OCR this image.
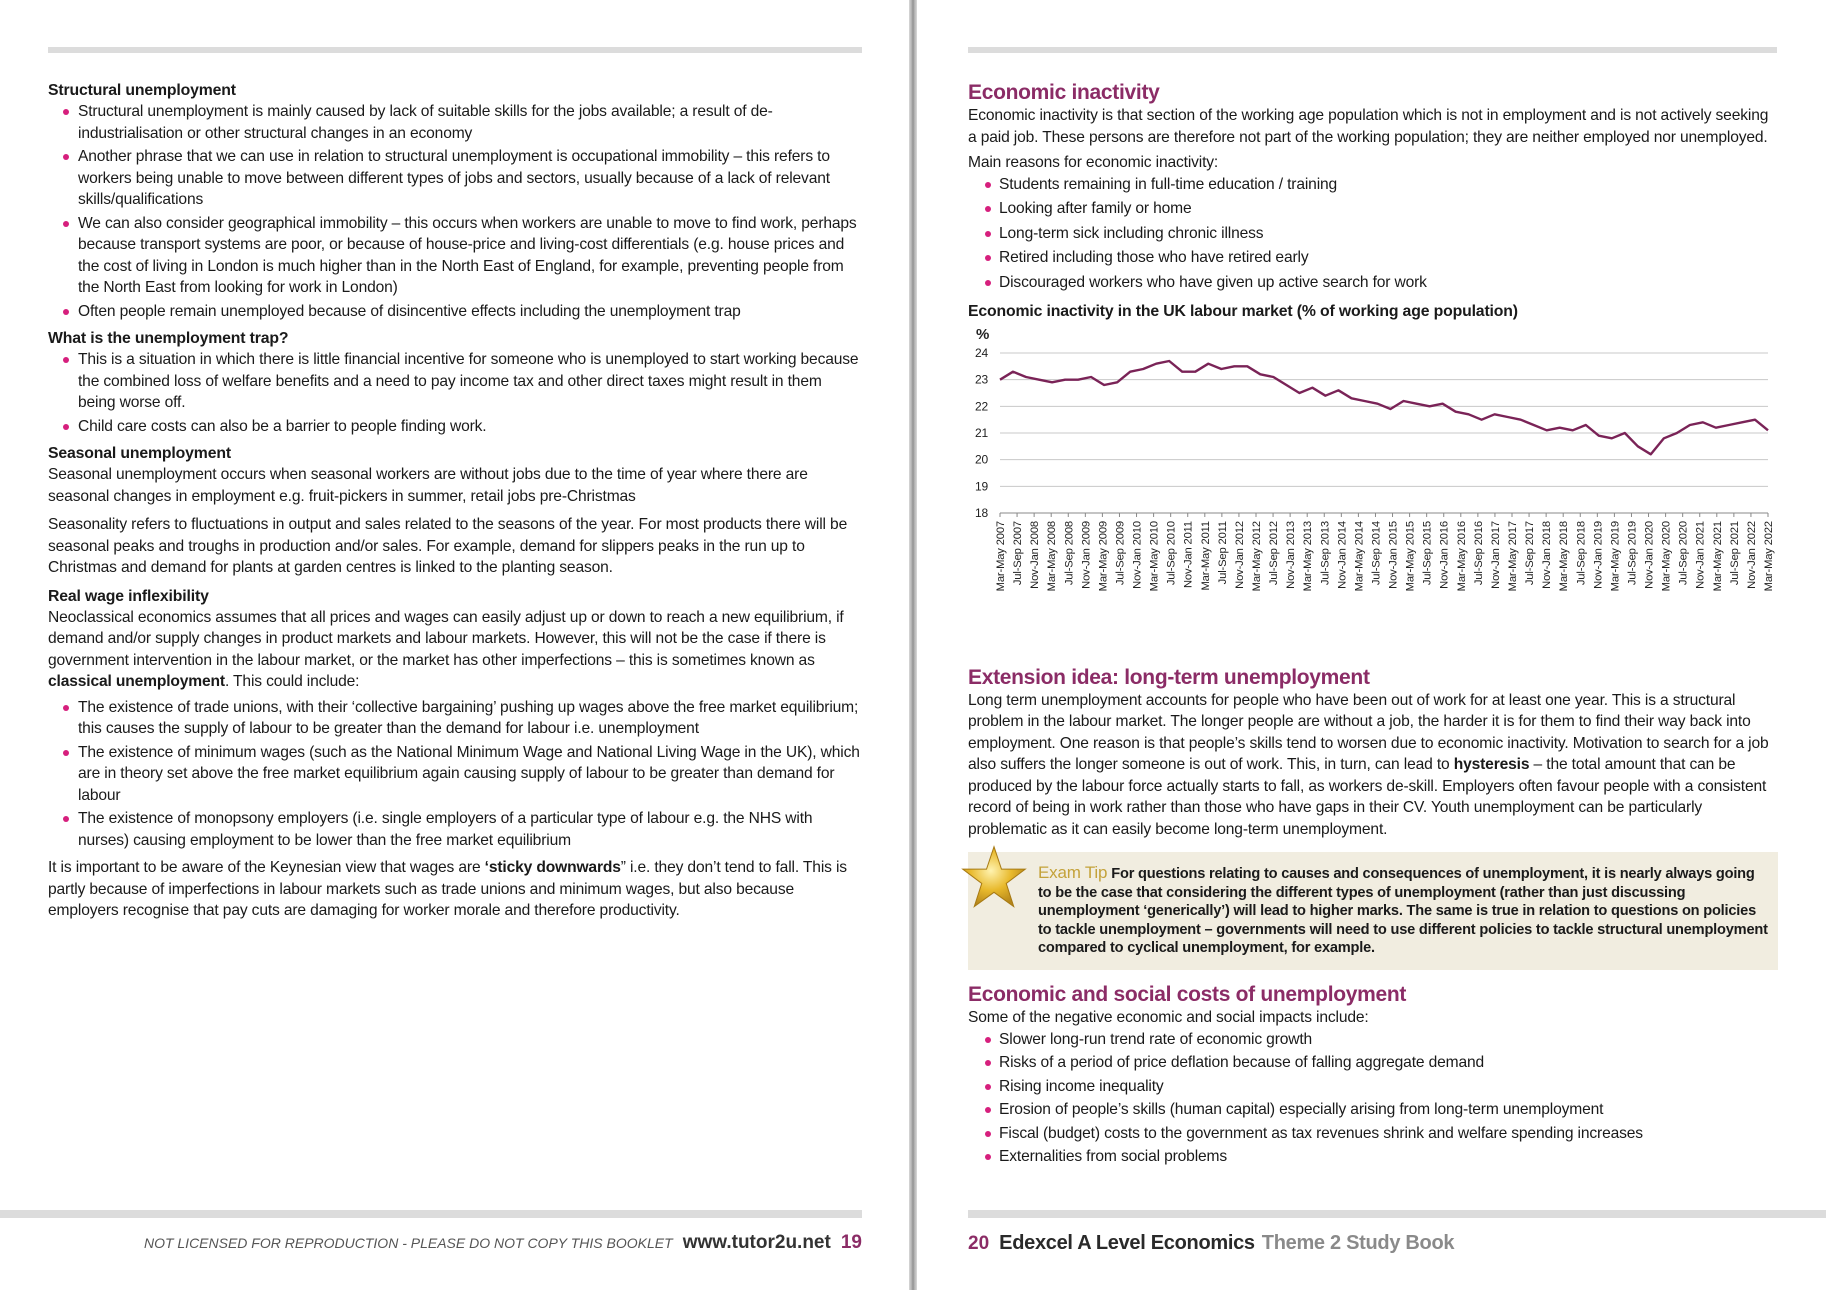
Structural unemployment
Structural unemployment is mainly caused by lack of suitable skills for the jobs available; a result of de-industrialisation or other structural changes in an economy
Another phrase that we can use in relation to structural unemployment is occupational immobility – this refers to workers being unable to move between different types of jobs and sectors, usually because of a lack of relevant skills/qualifications
We can also consider geographical immobility – this occurs when workers are unable to move to find work, perhaps because transport systems are poor, or because of house-price and living-cost differentials (e.g. house prices and the cost of living in London is much higher than in the North East of England, for example, preventing people from the North East from looking for work in London)
Often people remain unemployed because of disincentive effects including the unemployment trap
What is the unemployment trap?
This is a situation in which there is little financial incentive for someone who is unemployed to start working because the combined loss of welfare benefits and a need to pay income tax and other direct taxes might result in them being worse off.
Child care costs can also be a barrier to people finding work.
Seasonal unemployment

Seasonal unemployment occurs when seasonal workers are without jobs due to the time of year where there are seasonal changes in employment e.g. fruit-pickers in summer, retail jobs pre-Christmas

Seasonality refers to fluctuations in output and sales related to the seasons of the year. For most products there will be seasonal peaks and troughs in production and/or sales. For example, demand for slippers peaks in the run up to Christmas and demand for plants at garden centres is linked to the planting season.

Real wage inflexibility

Neoclassical economics assumes that all prices and wages can easily adjust up or down to reach a new equilibrium, if demand and/or supply changes in product markets and labour markets. However, this will not be the case if there is government intervention in the labour market, or the market has other imperfections – this is sometimes known as classical unemployment. This could include:

The existence of trade unions, with their ‘collective bargaining’ pushing up wages above the free market equilibrium; this causes the supply of labour to be greater than the demand for labour i.e. unemployment
The existence of minimum wages (such as the National Minimum Wage and National Living Wage in the UK), which are in theory set above the free market equilibrium again causing supply of labour to be greater than demand for labour
The existence of monopsony employers (i.e. single employers of a particular type of labour e.g. the NHS with nurses) causing employment to be lower than the free market equilibrium

It is important to be aware of the Keynesian view that wages are ‘sticky downwards” i.e. they don’t tend to fall. This is partly because of imperfections in labour markets such as trade unions and minimum wages, but also because employers recognise that pay cuts are damaging for worker morale and therefore productivity.

NOT LICENSED FOR REPRODUCTION - PLEASE DO NOT COPY THIS BOOKLET www.tutor2u.net 19
Economic inactivity

Economic inactivity is that section of the working age population which is not in employment and is not actively seeking a paid job. These persons are therefore not part of the working population; they are neither employed nor unemployed.

Main reasons for economic inactivity:

Students remaining in full-time education / training
Looking after family or home
Long-term sick including chronic illness
Retired including those who have retired early
Discouraged workers who have given up active search for work
Economic inactivity in the UK labour market (% of working age population)
%
18
19
20
21
22
23
24
Mar-May 2007 Jul-Sep 2007 Nov-Jan 2008 Mar-May 2008 Jul-Sep 2008 Nov-Jan 2009 Mar-May 2009 Jul-Sep 2009 Nov-Jan 2010 Mar-May 2010 Jul-Sep 2010 Nov-Jan 2011 Mar-May 2011 Jul-Sep 2011 Nov-Jan 2012 Mar-May 2012 Jul-Sep 2012 Nov-Jan 2013 Mar-May 2013 Jul-Sep 2013 Nov-Jan 2014 Mar-May 2014 Jul-Sep 2014 Nov-Jan 2015 Mar-May 2015 Jul-Sep 2015 Nov-Jan 2016 Mar-May 2016 Jul-Sep 2016 Nov-Jan 2017 Mar-May 2017 Jul-Sep 2017 Nov-Jan 2018 Mar-May 2018 Jul-Sep 2018 Nov-Jan 2019 Mar-May 2019 Jul-Sep 2019 Nov-Jan 2020 Mar-May 2020 Jul-Sep 2020 Nov-Jan 2021 Mar-May 2021 Jul-Sep 2021 Nov-Jan 2022 Mar-May 2022
Extension idea: long-term unemployment

Long term unemployment accounts for people who have been out of work for at least one year. This is a structural problem in the labour market. The longer people are without a job, the harder it is for them to find their way back into employment. One reason is that people’s skills tend to worsen due to economic inactivity. Motivation to search for a job also suffers the longer someone is out of work. This, in turn, can lead to hysteresis – the total amount that can be produced by the labour force actually starts to fall, as workers de-skill. Employers often favour people with a consistent record of being in work rather than those who have gaps in their CV. Youth unemployment can be particularly problematic as it can easily become long-term unemployment.

Exam Tip For questions relating to causes and consequences of unemployment, it is nearly always going to be the case that considering the different types of unemployment (rather than just discussing unemployment ‘generically’) will lead to higher marks. The same is true in relation to questions on policies to tackle unemployment – governments will need to use different policies to tackle structural unemployment compared to cyclical unemployment, for example.
Economic and social costs of unemployment

Some of the negative economic and social impacts include:

Slower long-run trend rate of economic growth
Risks of a period of price deflation because of falling aggregate demand
Rising income inequality
Erosion of people’s skills (human capital) especially arising from long-term unemployment
Fiscal (budget) costs to the government as tax revenues shrink and welfare spending increases
Externalities from social problems
20 Edexcel A Level Economics Theme 2 Study Book
